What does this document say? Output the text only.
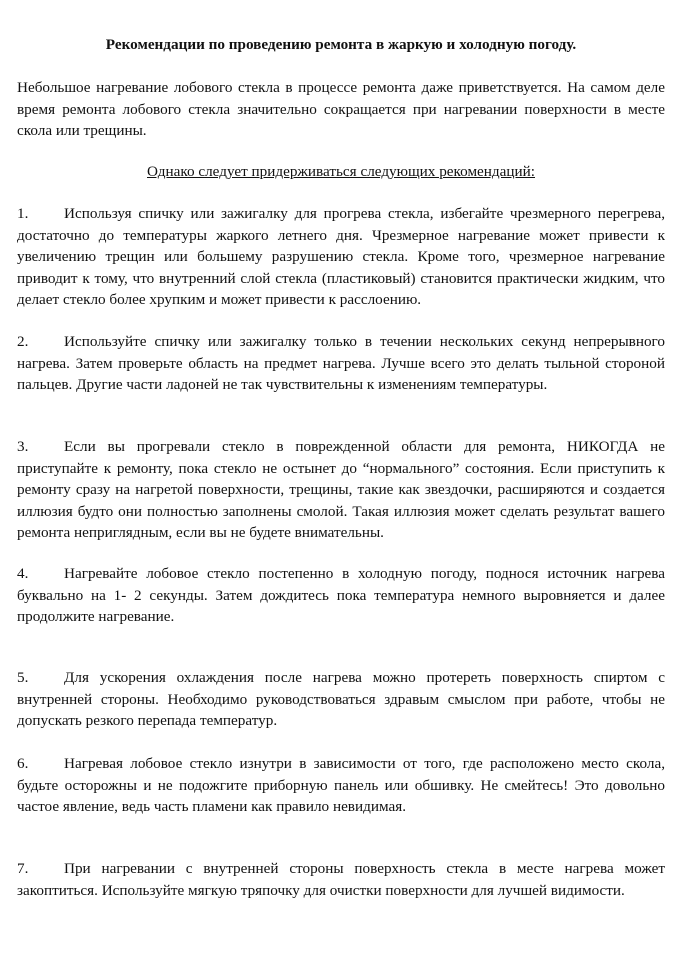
Рекомендации по проведению ремонта в жаркую и холодную погоду.

Небольшое нагревание лобового стекла в процессе ремонта даже приветствуется. На самом деле время ремонта лобового стекла значительно сокращается при нагревании поверхности в месте скола или трещины.

Однако следует придерживаться следующих рекомендаций:

1. Используя спичку или зажигалку для прогрева стекла, избегайте чрезмерного перегрева, достаточно до температуры жаркого летнего дня. Чрезмерное нагревание может привести к увеличению трещин или большему разрушению стекла. Кроме того, чрезмерное нагревание приводит к тому, что внутренний слой стекла (пластиковый) становится практически жидким, что делает стекло более хрупким и может привести к расслоению.

2. Используйте спичку или зажигалку только в течении нескольких секунд непрерывного нагрева. Затем проверьте область на предмет нагрева. Лучше всего это делать тыльной стороной пальцев. Другие части ладоней не так чувствительны к изменениям температуры.

3. Если вы прогревали стекло в поврежденной области для ремонта, НИКОГДА не приступайте к ремонту, пока стекло не остынет до “нормального” состояния. Если приступить к ремонту сразу на нагретой поверхности, трещины, такие как звездочки, расширяются и создается иллюзия будто они полностью заполнены смолой. Такая иллюзия может сделать результат вашего ремонта неприглядным, если вы не будете внимательны.

4. Нагревайте лобовое стекло постепенно в холодную погоду, поднося источник нагрева буквально на 1- 2 секунды. Затем дождитесь пока температура немного выровняется и далее продолжите нагревание.

5. Для ускорения охлаждения после нагрева можно протереть поверхность спиртом с внутренней стороны. Необходимо руководствоваться здравым смыслом при работе, чтобы не допускать резкого перепада температур.

6. Нагревая лобовое стекло изнутри в зависимости от того, где расположено место скола, будьте осторожны и не подожгите приборную панель или обшивку. Не смейтесь! Это довольно частое явление, ведь часть пламени как правило невидимая.

7. При нагревании с внутренней стороны поверхность стекла в месте нагрева может закоптиться. Используйте мягкую тряпочку для очистки поверхности для лучшей видимости.
